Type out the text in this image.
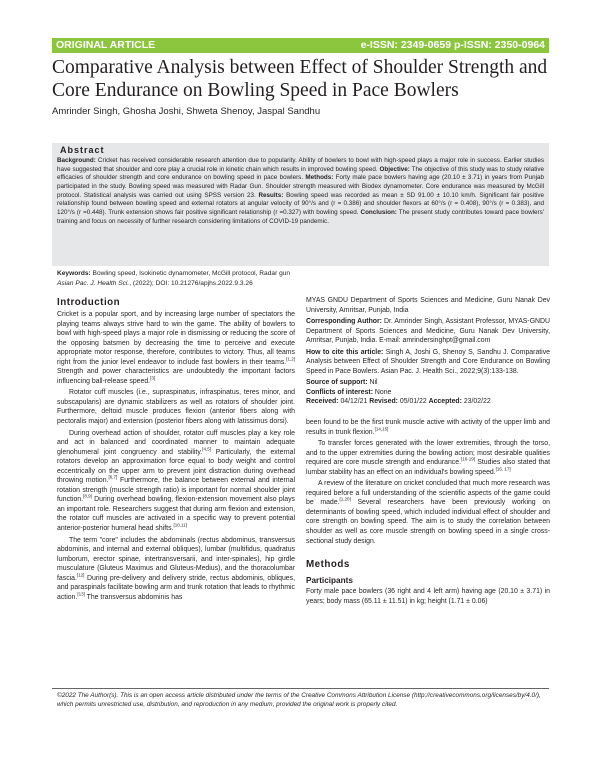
ORIGINAL ARTICLE	e-ISSN: 2349-0659 p-ISSN: 2350-0964
Comparative Analysis between Effect of Shoulder Strength and Core Endurance on Bowling Speed in Pace Bowlers
Amrinder Singh, Ghosha Joshi, Shweta Shenoy, Jaspal Sandhu
Abstract

Background: Cricket has received considerable research attention due to popularity. Ability of bowlers to bowl with high-speed plays a major role in success. Earlier studies have suggested that shoulder and core play a crucial role in kinetic chain which results in improved bowling speed. Objective: The objective of this study was to study relative efficacies of shoulder strength and core endurance on bowling speed in pace bowlers. Methods: Forty male pace bowlers having age (20.10 ± 3.71) in years from Punjab participated in the study. Bowling speed was measured with Radar Gun. Shoulder strength measured with Biodex dynamometer. Core endurance was measured by McGill protocol. Statistical analysis was carried out using SPSS version 23. Results: Bowling speed was recorded as mean ± SD 91.00 ± 10.10 km/h. Significant fair positive relationship found between bowling speed and external rotators at angular velocity of 90°/s and (r = 0.386) and shoulder flexors at 60°/s (r = 0.408), 90°/s (r = 0.383), and 120°/s (r =0.448). Trunk extension shows fair positive significant relationship (r =0.327) with bowling speed. Conclusion: The present study contributes toward pace bowlers' training and focus on necessity of further research considering limitations of COVID-19 pandemic.

Keywords: Bowling speed, Isokinetic dynamometer, McGill protocol, Radar gun
Asian Pac. J. Health Sci., (2022); DOI: 10.21276/apjhs.2022.9.3.26
Introduction

Cricket is a popular sport, and by increasing large number of spectators the playing teams always strive hard to win the game. The ability of bowlers to bowl with high-speed plays a major role in dismissing or reducing the score of the opposing batsmen by decreasing the time to perceive and execute appropriate motor response, therefore, contributes to victory. Thus, all teams right from the junior level endeavor to include fast bowlers in their teams.[1,2] Strength and power characteristics are undoubtedly the important factors influencing ball-release speed.[3]

Rotator cuff muscles (i.e., supraspinatus, infraspinatus, teres minor, and subscapularis) are dynamic stabilizers as well as rotators of shoulder joint. Furthermore, deltoid muscle produces flexion (anterior fibers along with pectoralis major) and extension (posterior fibers along with latissimus dorsi).

During overhead action of shoulder, rotator cuff muscles play a key role and act in balanced and coordinated manner to maintain adequate glenohumeral joint congruency and stability.[4,5] Particularly, the external rotators develop an approximation force equal to body weight and control eccentrically on the upper arm to prevent joint distraction during overhead throwing motion.[6,7] Furthermore, the balance between external and internal rotation strength (muscle strength ratio) is important for normal shoulder joint function.[8,9] During overhead bowling, flexion-extension movement also plays an important role. Researchers suggest that during arm flexion and extension, the rotator cuff muscles are activated in a specific way to prevent potential anterior-posterior humeral head shifts.[10,11]

The term "core" includes the abdominals (rectus abdominus, transversus abdominis, and internal and external obliques), lumbar (multifidus, quadratus lumborum, erector spinae, intertransversarii, and inter-spinales), hip girdle musculature (Gluteus Maximus and Gluteus-Medius), and the thoracolumbar fascia.[12] During pre-delivery and delivery stride, rectus abdominis, obliques, and paraspinals facilitate bowling arm and trunk rotation that leads to rhythmic action.[13] The transversus abdominis has

MYAS GNDU Department of Sports Sciences and Medicine, Guru Nanak Dev University, Amritsar, Punjab, India

Corresponding Author: Dr. Amrinder Singh, Assistant Professor, MYAS-GNDU Department of Sports Sciences and Medicine, Guru Nanak Dev University, Amritsar, Punjab, India. E-mail: amrindersinghpt@gmail.com

How to cite this article: Singh A, Joshi G, Shenoy S, Sandhu J. Comparative Analysis between Effect of Shoulder Strength and Core Endurance on Bowling Speed in Pace Bowlers. Asian Pac. J. Health Sci., 2022;9(3):133-138.

Source of support: Nil

Conflicts of interest: None

Received: 04/12/21 Revised: 05/01/22 Accepted: 23/02/22

been found to be the first trunk muscle active with activity of the upper limb and results in trunk flexion.[14,15]

To transfer forces generated with the lower extremities, through the torso, and to the upper extremities during the bowling action; most desirable qualities required are core muscle strength and endurance.[16-19] Studies also stated that lumbar stability has an effect on an individual's bowling speed.[16, 17]

A review of the literature on cricket concluded that much more research was required before a full understanding of the scientific aspects of the game could be made.[1,20] Several researchers have been previously working on determinants of bowling speed, which included individual effect of shoulder and core strength on bowling speed. The aim is to study the correlation between shoulder as well as core muscle strength on bowling speed in a single cross-sectional study design.

Methods
Participants

Forty male pace bowlers (36 right and 4 left arm) having age (20.10 ± 3.71) in years; body mass (65.11 ± 11.51) in kg; height (1.71 ± 0.06)

©2022 The Author(s). This is an open access article distributed under the terms of the Creative Commons Attribution License (http://creativecommons.org/licenses/by/4.0/), which permits unrestricted use, distribution, and reproduction in any medium, provided the original work is properly cited.
